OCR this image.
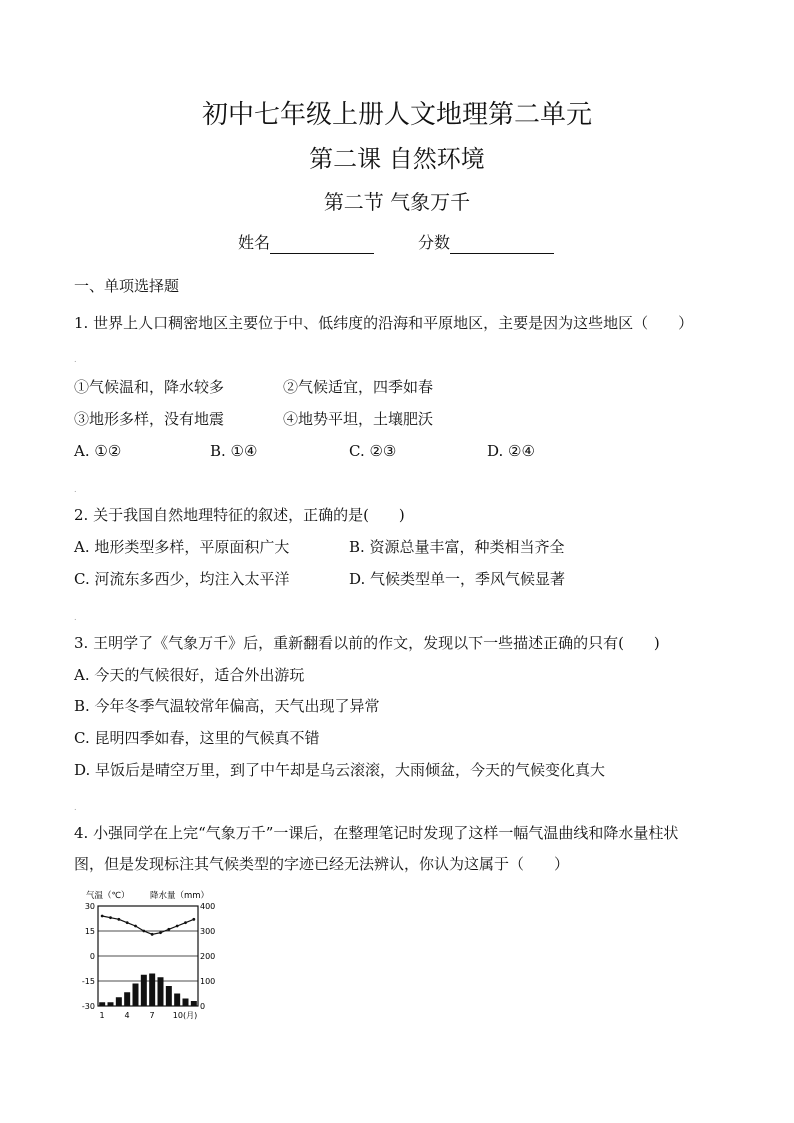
初中七年级上册人文地理第二单元
第二课 自然环境
第二节 气象万千
姓名	分数
一、单项选择题
1. 世界上人口稠密地区主要位于中、低纬度的沿海和平原地区，主要是因为这些地区（　　）
.
①气候温和，降水较多	②气候适宜，四季如春
③地形多样，没有地震	④地势平坦，土壤肥沃
A. ①②	B. ①④	C. ②③	D. ②④
.
2. 关于我国自然地理特征的叙述，正确的是(　　)
A. 地形类型多样，平原面积广大	B. 资源总量丰富，种类相当齐全
C. 河流东多西少，均注入太平洋	D. 气候类型单一，季风气候显著
.
3. 王明学了《气象万千》后，重新翻看以前的作文，发现以下一些描述正确的只有(　　)
A. 今天的气候很好，适合外出游玩
B. 今年冬季气温较常年偏高，天气出现了异常
C. 昆明四季如春，这里的气候真不错
D. 早饭后是晴空万里，到了中午却是乌云滚滚，大雨倾盆，今天的气候变化真大
.
4. 小强同学在上完“气象万千”一课后，在整理笔记时发现了这样一幅气温曲线和降水量柱状
图，但是发现标注其气候类型的字迹已经无法辨认，你认为这属于（　　）
气温（℃） 降水量（mm）
30
15
0
-15
-30
400
300
200
100
0
1 4 7 10(月)
